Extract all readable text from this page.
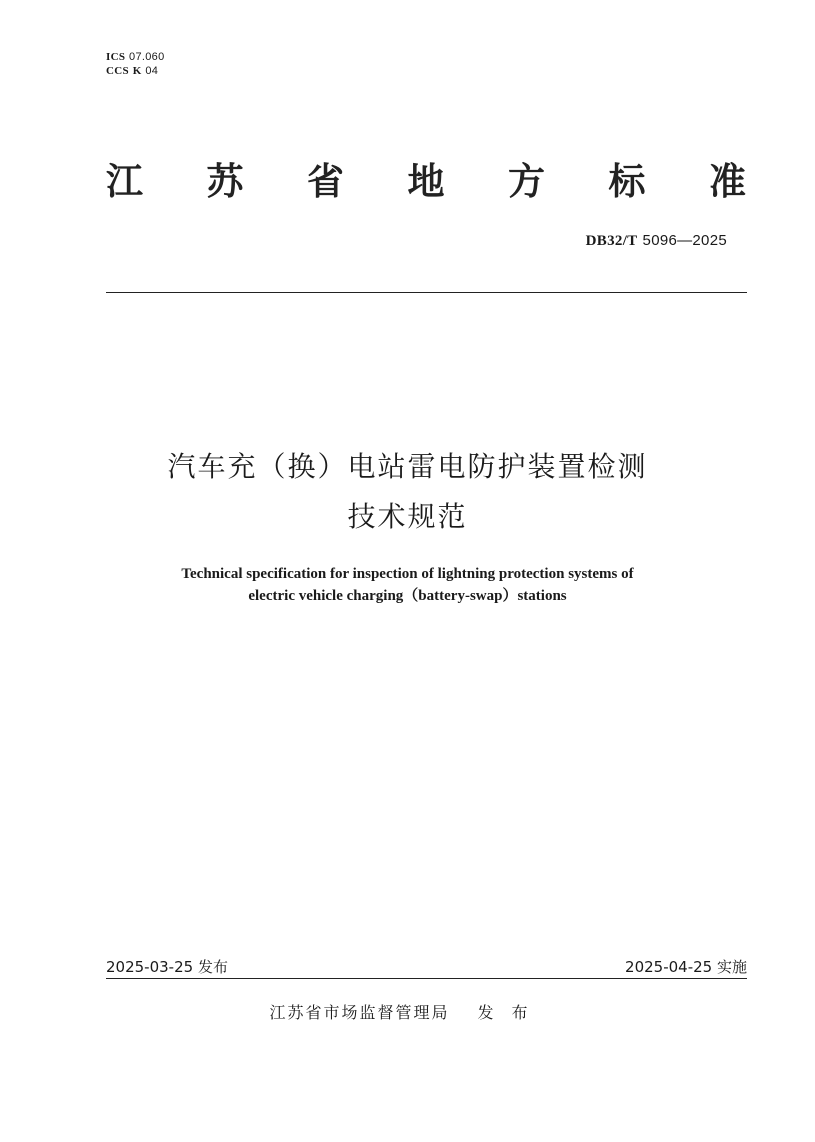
ICS 07.060
CCS K 04
江 苏 省 地 方 标 准
DB32/T 5096—2025
汽车充（换）电站雷电防护装置检测
技术规范
Technical specification for inspection of lightning protection systems of
electric vehicle charging（battery-swap）stations
2025-03-25 发布	2025-04-25 实施
江苏省市场监督管理局 发布
